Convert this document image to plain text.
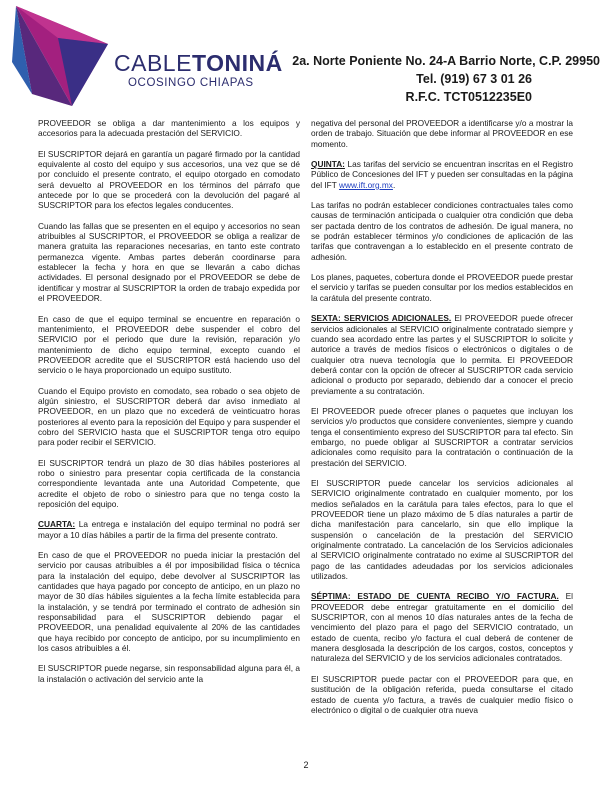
CABLETONINÁ
OCOSINGO CHIAPAS
2a. Norte Poniente No. 24-A Barrio Norte, C.P. 29950
Tel. (919) 67 3 01 26
R.F.C. TCT0512235E0

PROVEEDOR se obliga a dar mantenimiento a los equipos y accesorios para la adecuada prestación del SERVICIO.

El SUSCRIPTOR dejará en garantía un pagaré firmado por la cantidad equivalente al costo del equipo y sus accesorios, una vez que se dé por concluido el presente contrato, el equipo otorgado en comodato será devuelto al PROVEEDOR en los términos del párrafo que antecede por lo que se procederá con la devolución del pagaré al SUSCRIPTOR para los efectos legales conducentes.

Cuando las fallas que se presenten en el equipo y accesorios no sean atribuibles al SUSCRIPTOR, el PROVEEDOR se obliga a realizar de manera gratuita las reparaciones necesarias, en tanto este contrato permanezca vigente. Ambas partes deberán coordinarse para establecer la fecha y hora en que se llevarán a cabo dichas actividades. El personal designado por el PROVEEDOR se debe de identificar y mostrar al SUSCRIPTOR la orden de trabajo expedida por el PROVEEDOR.

En caso de que el equipo terminal se encuentre en reparación o mantenimiento, el PROVEEDOR debe suspender el cobro del SERVICIO por el periodo que dure la revisión, reparación y/o mantenimiento de dicho equipo terminal, excepto cuando el PROVEEDOR acredite que el SUSCRIPTOR está haciendo uso del servicio o le haya proporcionado un equipo sustituto.

Cuando el Equipo provisto en comodato, sea robado o sea objeto de algún siniestro, el SUSCRIPTOR deberá dar aviso inmediato al PROVEEDOR, en un plazo que no excederá de veinticuatro horas posteriores al evento para la reposición del Equipo y para suspender el cobro del SERVICIO hasta que el SUSCRIPTOR tenga otro equipo para poder recibir el SERVICIO.

El SUSCRIPTOR tendrá un plazo de 30 días hábiles posteriores al robo o siniestro para presentar copia certificada de la constancia correspondiente levantada ante una Autoridad Competente, que acredite el objeto de robo o siniestro para que no tenga costo la reposición del equipo.

CUARTA: La entrega e instalación del equipo terminal no podrá ser mayor a 10 días hábiles a partir de la firma del presente contrato.

En caso de que el PROVEEDOR no pueda iniciar la prestación del servicio por causas atribuibles a él por imposibilidad física o técnica para la instalación del equipo, debe devolver al SUSCRIPTOR las cantidades que haya pagado por concepto de anticipo, en un plazo no mayor de 30 días hábiles siguientes a la fecha límite establecida para la instalación, y se tendrá por terminado el contrato de adhesión sin responsabilidad para el SUSCRIPTOR debiendo pagar el PROVEEDOR, una penalidad equivalente al 20% de las cantidades que haya recibido por concepto de anticipo, por su incumplimiento en los casos atribuibles a él.

El SUSCRIPTOR puede negarse, sin responsabilidad alguna para él, a la instalación o activación del servicio ante la

negativa del personal del PROVEEDOR a identificarse y/o a mostrar la orden de trabajo. Situación que debe informar al PROVEEDOR en ese momento.

QUINTA: Las tarifas del servicio se encuentran inscritas en el Registro Público de Concesiones del IFT y pueden ser consultadas en la página del IFT www.ift.org.mx.

Las tarifas no podrán establecer condiciones contractuales tales como causas de terminación anticipada o cualquier otra condición que deba ser pactada dentro de los contratos de adhesión. De igual manera, no se podrán establecer términos y/o condiciones de aplicación de las tarifas que contravengan a lo establecido en el presente contrato de adhesión.

Los planes, paquetes, cobertura donde el PROVEEDOR puede prestar el servicio y tarifas se pueden consultar por los medios establecidos en la carátula del presente contrato.

SEXTA: SERVICIOS ADICIONALES. El PROVEEDOR puede ofrecer servicios adicionales al SERVICIO originalmente contratado siempre y cuando sea acordado entre las partes y el SUSCRIPTOR lo solicite y autorice a través de medios físicos o electrónicos o digitales o de cualquier otra nueva tecnología que lo permita. El PROVEEDOR deberá contar con la opción de ofrecer al SUSCRIPTOR cada servicio adicional o producto por separado, debiendo dar a conocer el precio previamente a su contratación.

El PROVEEDOR puede ofrecer planes o paquetes que incluyan los servicios y/o productos que considere convenientes, siempre y cuando tenga el consentimiento expreso del SUSCRIPTOR para tal efecto. Sin embargo, no puede obligar al SUSCRIPTOR a contratar servicios adicionales como requisito para la contratación o continuación de la prestación del SERVICIO.

El SUSCRIPTOR puede cancelar los servicios adicionales al SERVICIO originalmente contratado en cualquier momento, por los medios señalados en la carátula para tales efectos, para lo que el PROVEEDOR tiene un plazo máximo de 5 días naturales a partir de dicha manifestación para cancelarlo, sin que ello implique la suspensión o cancelación de la prestación del SERVICIO originalmente contratado. La cancelación de los Servicios adicionales al SERVICIO originalmente contratado no exime al SUSCRIPTOR del pago de las cantidades adeudadas por los servicios adicionales utilizados.

SÉPTIMA: ESTADO DE CUENTA RECIBO Y/O FACTURA. El PROVEEDOR debe entregar gratuitamente en el domicilio del SUSCRIPTOR, con al menos 10 días naturales antes de la fecha de vencimiento del plazo para el pago del SERVICIO contratado, un estado de cuenta, recibo y/o factura el cual deberá de contener de manera desglosada la descripción de los cargos, costos, conceptos y naturaleza del SERVICIO y de los servicios adicionales contratados.

El SUSCRIPTOR puede pactar con el PROVEEDOR para que, en sustitución de la obligación referida, pueda consultarse el citado estado de cuenta y/o factura, a través de cualquier medio físico o electrónico o digital o de cualquier otra nueva

2
